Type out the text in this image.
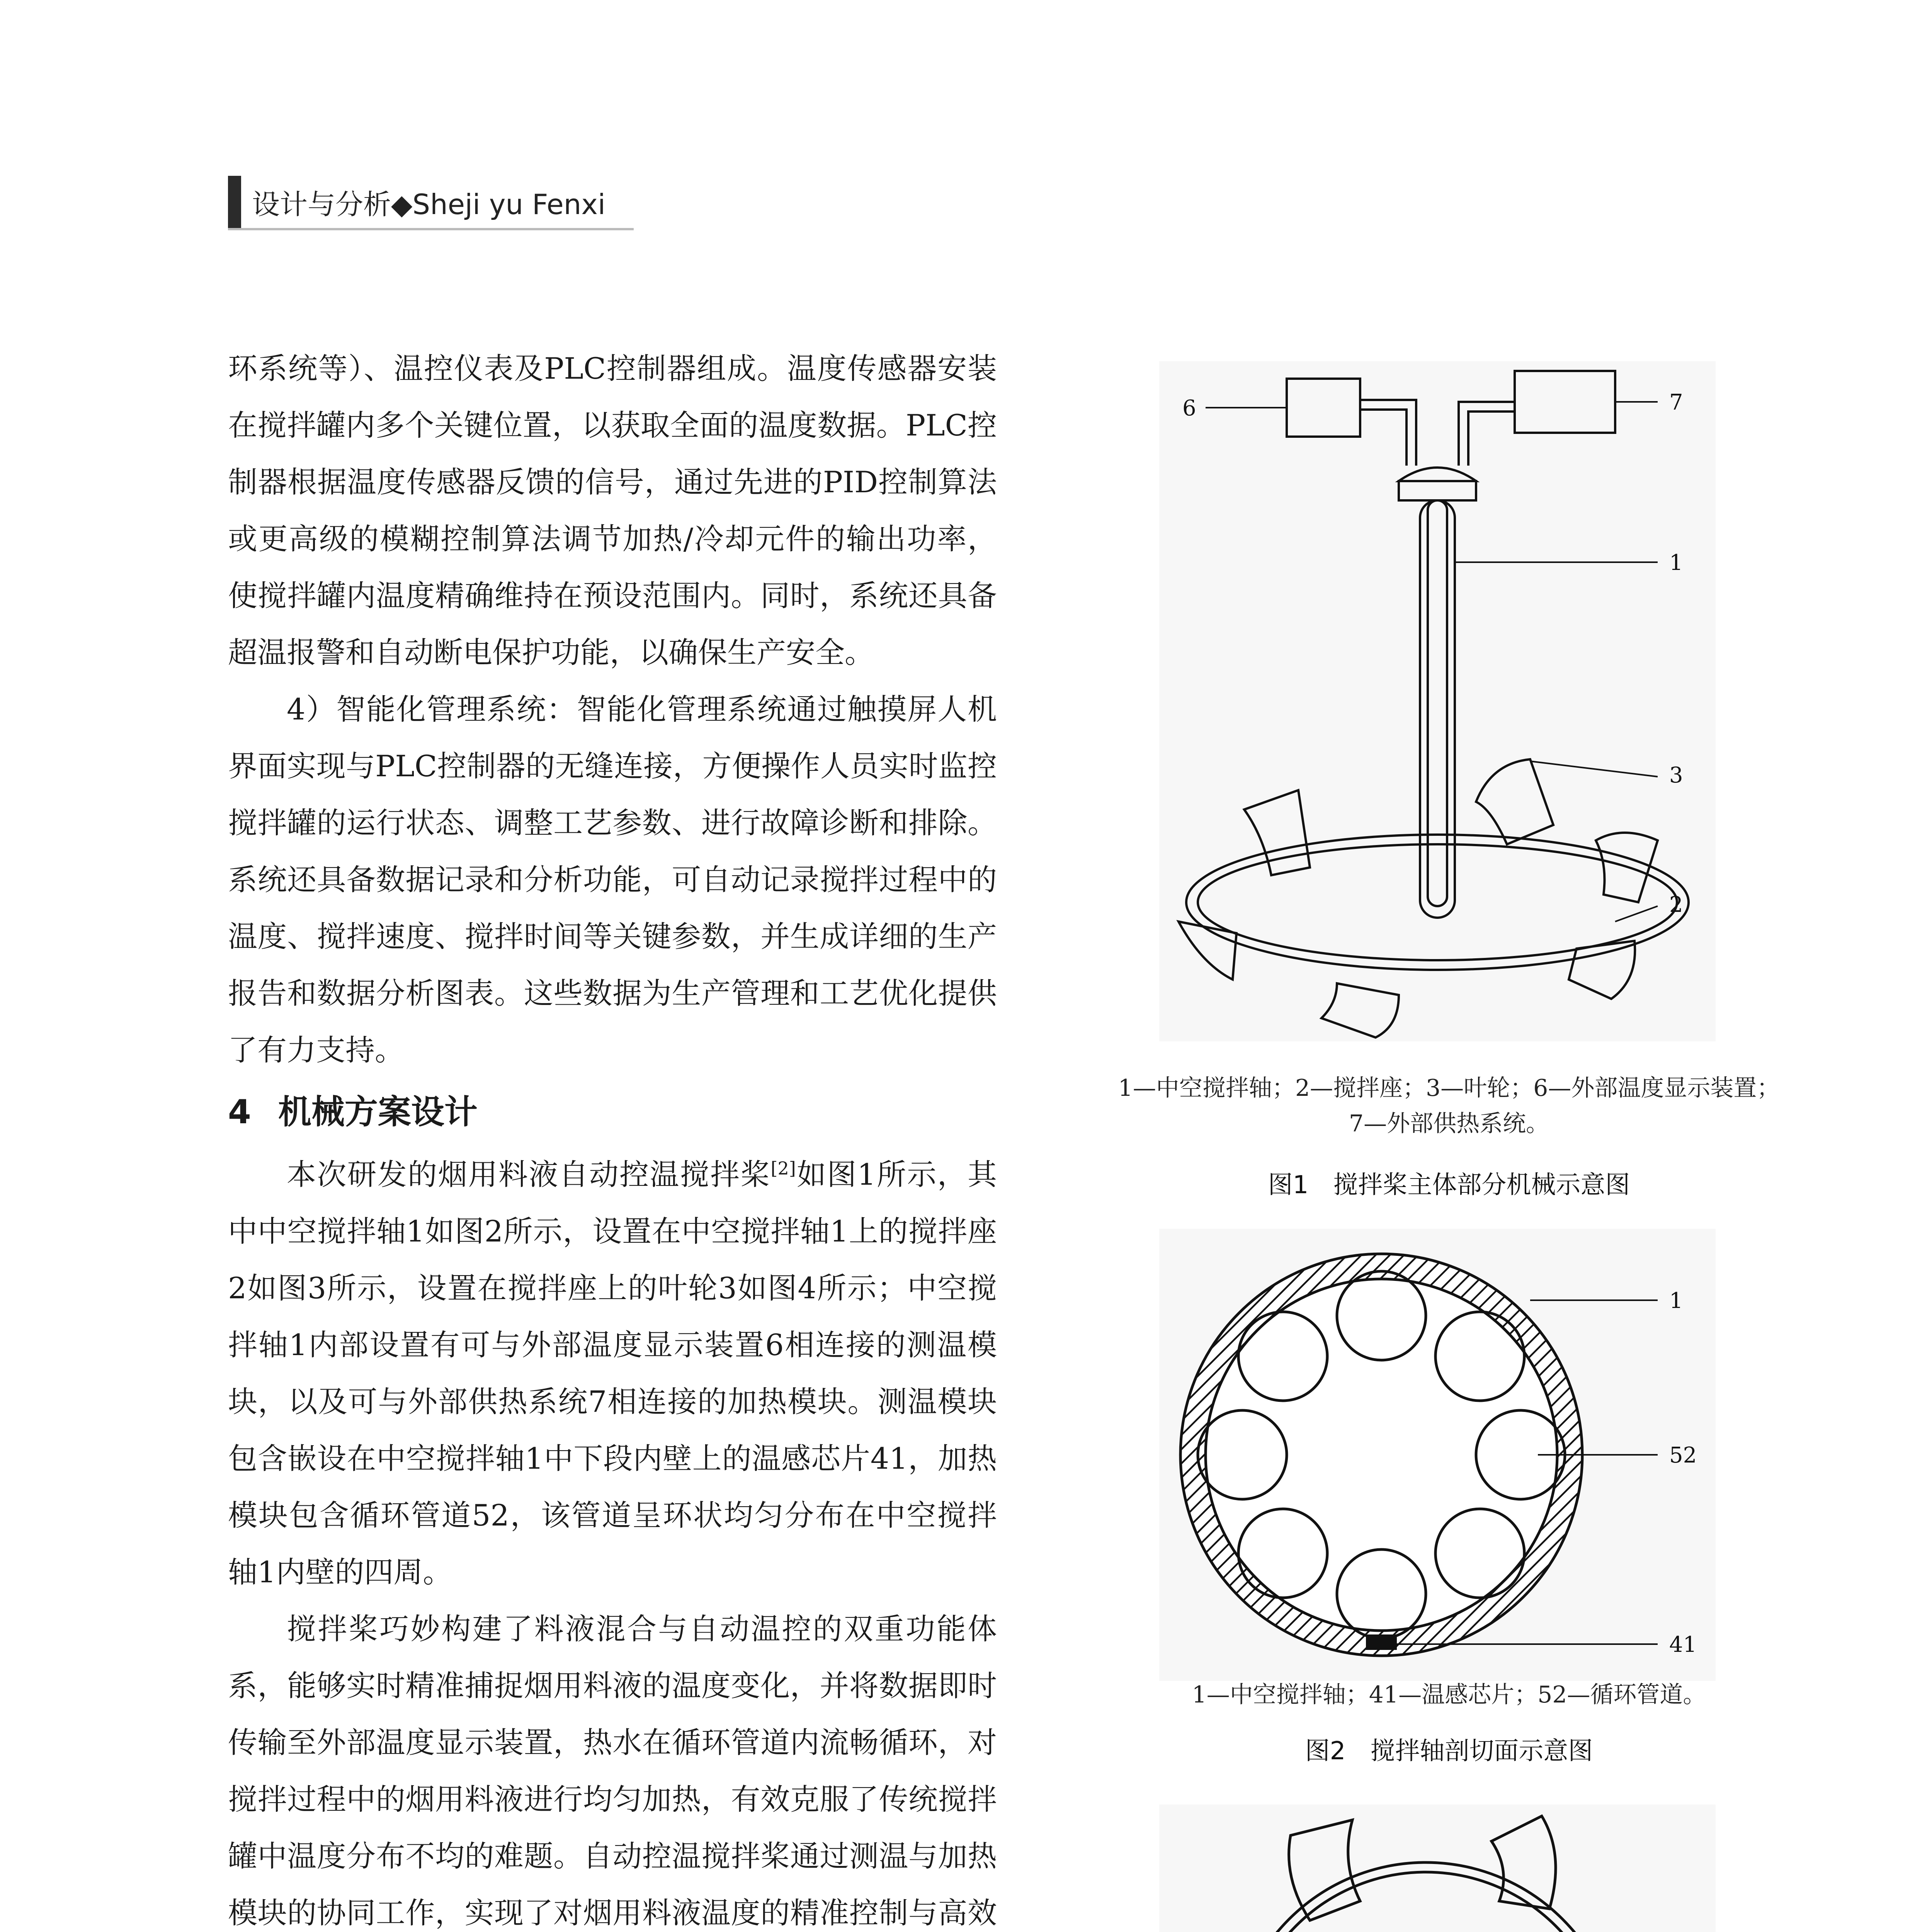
设计与分析◆Sheji yu Fenxi

环系统等）、温控仪表及PLC控制器组成。温度传感器安装在搅拌罐内多个关键位置，以获取全面的温度数据。PLC控制器根据温度传感器反馈的信号，通过先进的PID控制算法或更高级的模糊控制算法调节加热/冷却元件的输出功率，使搅拌罐内温度精确维持在预设范围内。同时，系统还具备超温报警和自动断电保护功能，以确保生产安全。

4）智能化管理系统：智能化管理系统通过触摸屏人机界面实现与PLC控制器的无缝连接，方便操作人员实时监控搅拌罐的运行状态、调整工艺参数、进行故障诊断和排除。系统还具备数据记录和分析功能，可自动记录搅拌过程中的温度、搅拌速度、搅拌时间等关键参数，并生成详细的生产报告和数据分析图表。这些数据为生产管理和工艺优化提供了有力支持。

4 机械方案设计

本次研发的烟用料液自动控温搅拌桨[2]如图1所示，其中中空搅拌轴1如图2所示，设置在中空搅拌轴1上的搅拌座2如图3所示，设置在搅拌座上的叶轮3如图4所示；中空搅拌轴1内部设置有可与外部温度显示装置6相连接的测温模块，以及可与外部供热系统7相连接的加热模块。测温模块包含嵌设在中空搅拌轴1中下段内壁上的温感芯片41，加热模块包含循环管道52，该管道呈环状均匀分布在中空搅拌轴1内壁的四周。

搅拌桨巧妙构建了料液混合与自动温控的双重功能体系，能够实时精准捕捉烟用料液的温度变化，并将数据即时传输至外部温度显示装置，热水在循环管道内流畅循环，对搅拌过程中的烟用料液进行均匀加热，有效克服了传统搅拌罐中温度分布不均的难题。自动控温搅拌桨通过测温与加热模块的协同工作，实现了对烟用料液温度的精准控制与高效

6	7
1
3
2
1—中空搅拌轴；2—搅拌座；3—叶轮；6—外部温度显示装置；
7—外部供热系统。
图1　搅拌桨主体部分机械示意图
1
52
41
1—中空搅拌轴；41—温感芯片；52—循环管道。
图2　搅拌轴剖切面示意图
